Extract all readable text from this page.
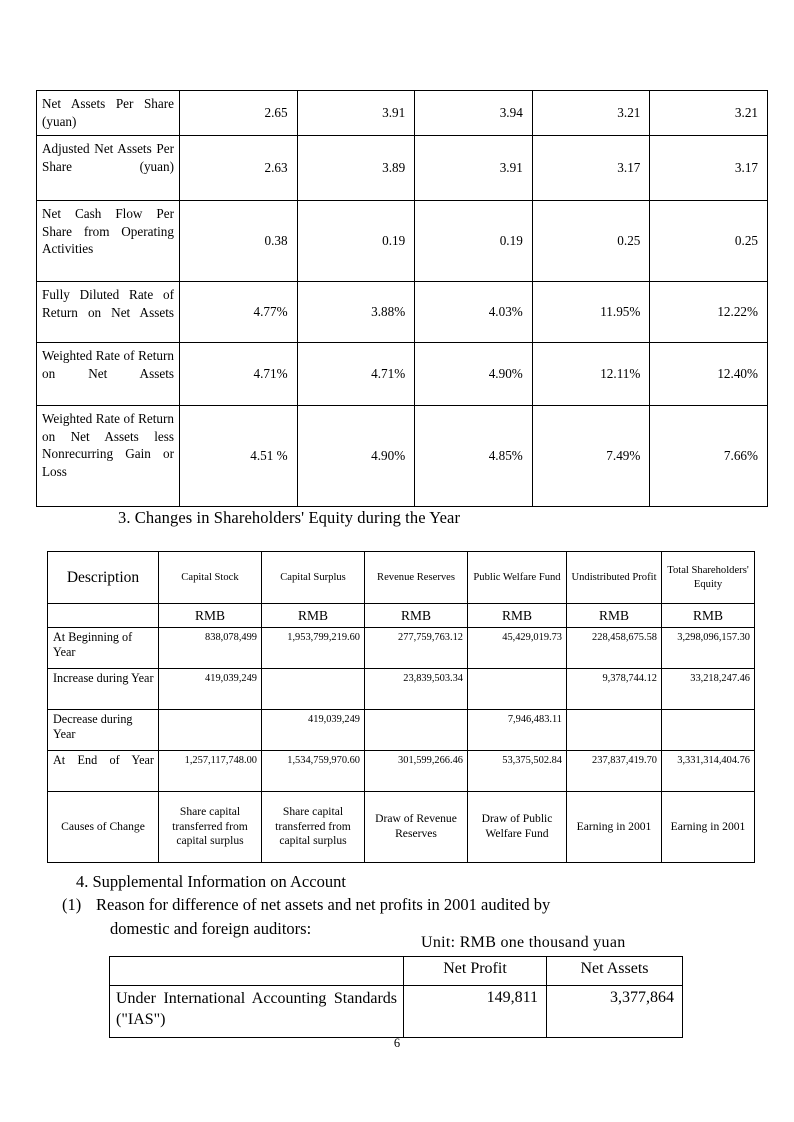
Net Assets Per Share (yuan)	2.65	3.91	3.94	3.21	3.21
Adjusted Net Assets Per Share (yuan)	2.63	3.89	3.91	3.17	3.17
Net Cash Flow Per Share from Operating Activities	0.38	0.19	0.19	0.25	0.25
Fully Diluted Rate of Return on Net Assets	4.77%	3.88%	4.03%	11.95%	12.22%
Weighted Rate of Return on Net Assets	4.71%	4.71%	4.90%	12.11%	12.40%
Weighted Rate of Return on Net Assets less Nonrecurring Gain or Loss	4.51 %	4.90%	4.85%	7.49%	7.66%
3. Changes in Shareholders' Equity during the Year
Description	Capital Stock	Capital Surplus	Revenue Reserves	Public Welfare Fund	Undistributed Profit	Total Shareholders' Equity
	RMB	RMB	RMB	RMB	RMB	RMB
At Beginning of Year	838,078,499	1,953,799,219.60	277,759,763.12	45,429,019.73	228,458,675.58	3,298,096,157.30
Increase during Year	419,039,249		23,839,503.34		9,378,744.12	33,218,247.46
Decrease during Year		419,039,249		7,946,483.11		
At End of Year	1,257,117,748.00	1,534,759,970.60	301,599,266.46	53,375,502.84	237,837,419.70	3,331,314,404.76
Causes of Change	Share capital transferred from capital surplus	Share capital transferred from capital surplus	Draw of Revenue Reserves	Draw of Public Welfare Fund	Earning in 2001	Earning in 2001
4. Supplemental Information on Account
(1) Reason for difference of net assets and net profits in 2001 audited by
domestic and foreign auditors:
Unit: RMB one thousand yuan
	Net Profit	Net Assets
Under International Accounting Standards ("IAS")	149,811	3,377,864
6
